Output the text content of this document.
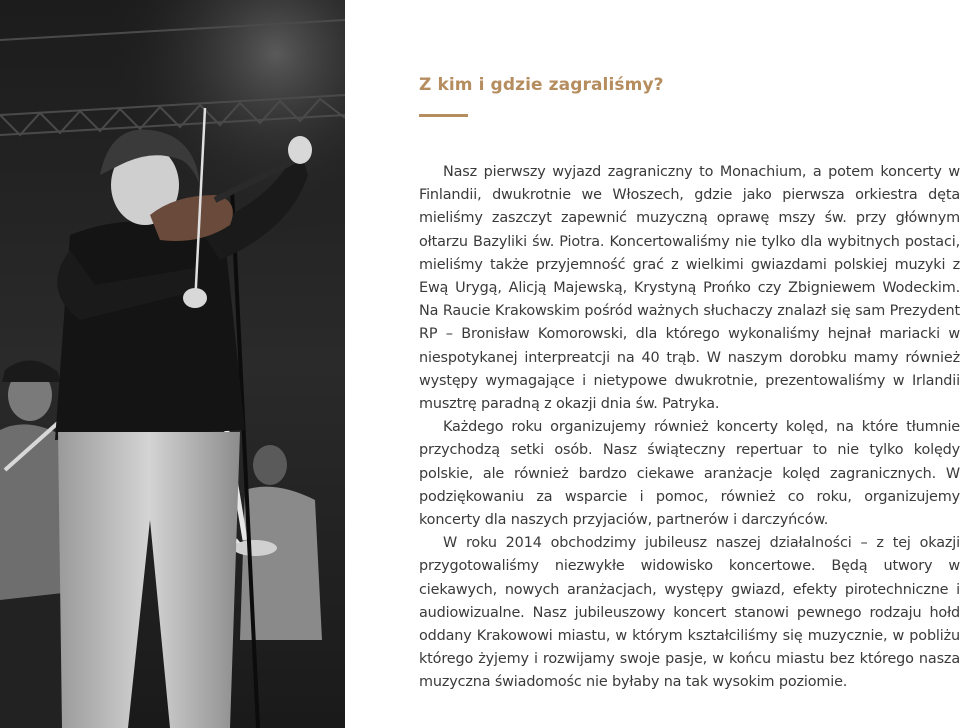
Z kim i gdzie zagraliśmy?

Nasz pierwszy wyjazd zagraniczny to Monachium, a potem koncerty w Finlandii, dwukrotnie we Włoszech, gdzie jako pierwsza orkiestra dęta mieliśmy zaszczyt zapewnić muzyczną oprawę mszy św. przy głównym ołtarzu Bazyliki św. Piotra. Koncertowaliśmy nie tylko dla wybitnych postaci, mieliśmy także przyjemność grać z wielkimi gwiazdami polskiej muzyki z Ewą Urygą, Alicją Majewską, Krystyną Prońko czy Zbigniewem Wodeckim. Na Raucie Krakowskim pośród ważnych słuchaczy znalazł się sam Prezydent RP – Bronisław Komorowski, dla którego wykonaliśmy hejnał mariacki w niespotykanej interpreatcji na 40 trąb. W naszym dorobku mamy również występy wymagające i nietypowe dwukrotnie, prezentowaliśmy w Irlandii musztrę paradną z okazji dnia św. Patryka.

Każdego roku organizujemy również koncerty kolęd, na które tłumnie przychodzą setki osób. Nasz świąteczny repertuar to nie tylko kolędy polskie, ale również bardzo ciekawe aranżacje kolęd zagranicznych. W podziękowaniu za wsparcie i pomoc, również co roku, organizujemy koncerty dla naszych przyjaciów, partnerów i darczyńców.

W roku 2014 obchodzimy jubileusz naszej działalności – z tej okazji przygotowaliśmy niezwykłe widowisko koncertowe. Będą utwory w ciekawych, nowych aranżacjach, występy gwiazd, efekty pirotechniczne i audiowizualne. Nasz jubileuszowy koncert stanowi pewnego rodzaju hołd oddany Krakowowi miastu, w którym kształciliśmy się muzycznie, w pobliżu którego żyjemy i rozwijamy swoje pasje, w końcu miastu bez którego nasza muzyczna świadomośc nie byłaby na tak wysokim poziomie.
